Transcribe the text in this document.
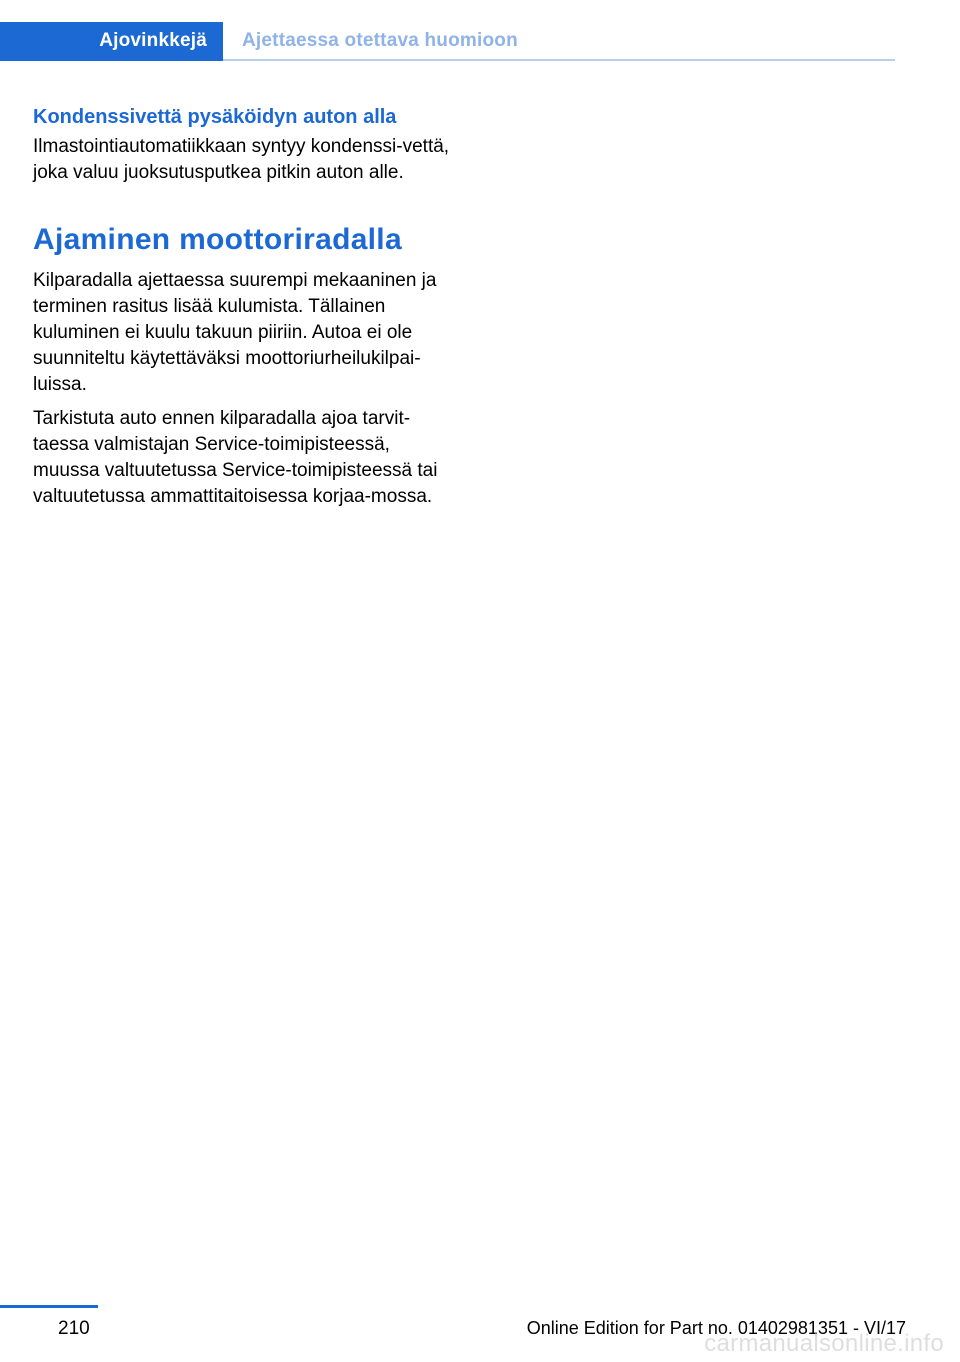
Ajovinkkejä Ajettaessa otettava huomioon
Kondenssivettä pysäköidyn auton alla

Ilmastointiautomatiikkaan syntyy kondenssi-vettä, joka valuu juoksutusputkea pitkin auton alle.

Ajaminen moottoriradalla

Kilparadalla ajettaessa suurempi mekaaninen ja terminen rasitus lisää kulumista. Tällainen kuluminen ei kuulu takuun piiriin. Autoa ei ole suunniteltu käytettäväksi moottoriurheilukilpai-luissa.

Tarkistuta auto ennen kilparadalla ajoa tarvit-taessa valmistajan Service-toimipisteessä, muussa valtuutetussa Service-toimipisteessä tai valtuutetussa ammattitaitoisessa korjaa-mossa.

210	Online Edition for Part no. 01402981351 - VI/17
carmanualsonline.info
